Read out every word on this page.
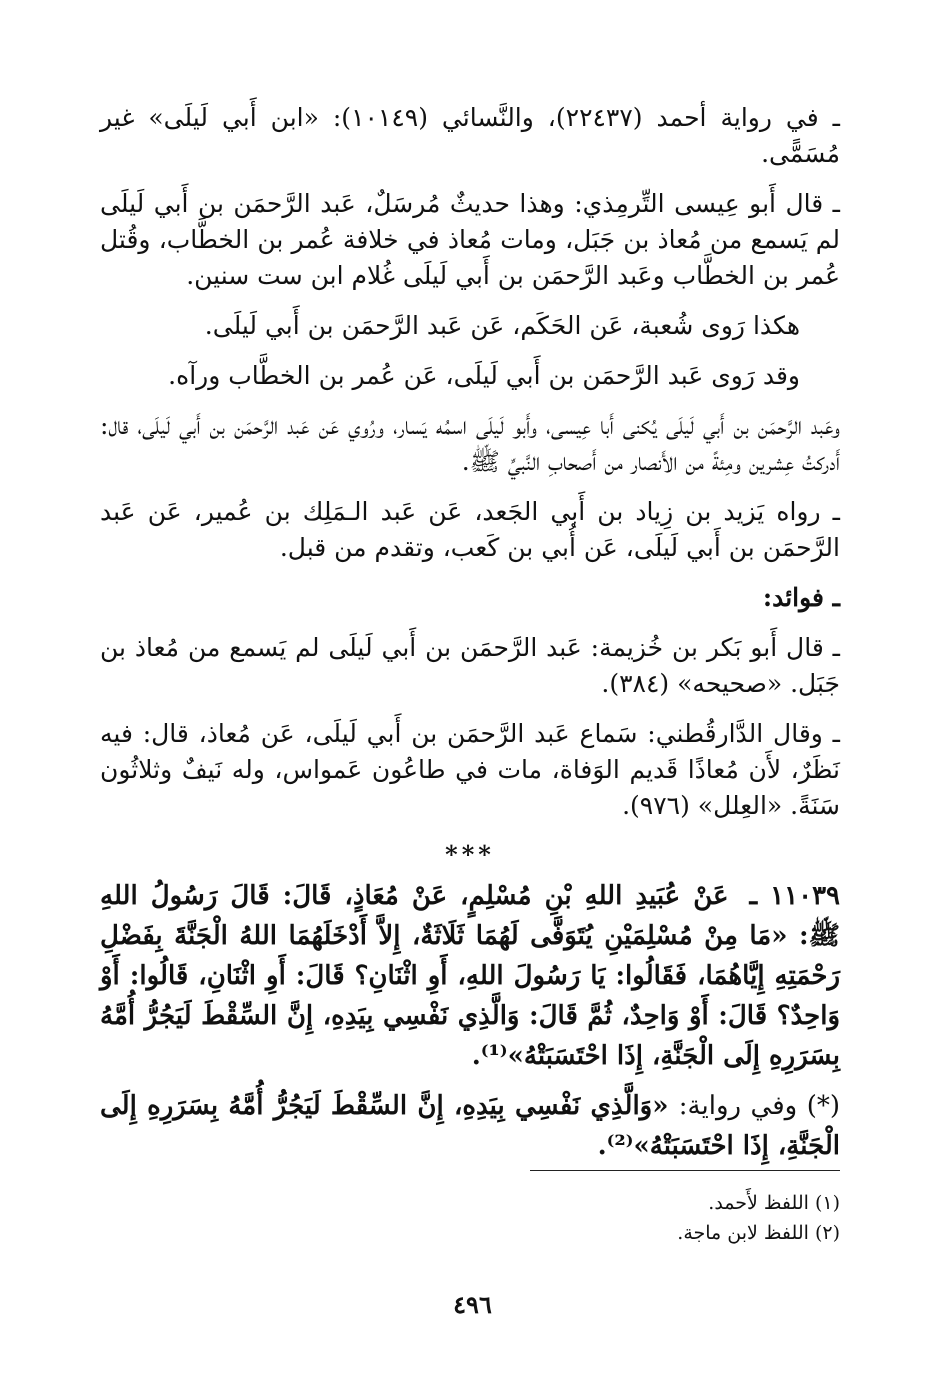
ـ في رواية أحمد (٢٢٤٣٧)، والنَّسائي (١٠١٤٩): «ابن أَبي لَيلَى» غير مُسَمًّى.

ـ قال أَبو عِيسى التِّرمِذي: وهذا حديثٌ مُرسَلٌ، عَبد الرَّحمَن بن أَبي لَيلَى لم يَسمع من مُعاذ بن جَبَل، ومات مُعاذ في خلافة عُمر بن الخطَّاب، وقُتل عُمر بن الخطَّاب وعَبد الرَّحمَن بن أَبي لَيلَى غُلام ابن ست سنين.

هكذا رَوى شُعبة، عَن الحَكَم، عَن عَبد الرَّحمَن بن أَبي لَيلَى.

وقد رَوى عَبد الرَّحمَن بن أَبي لَيلَى، عَن عُمر بن الخطَّاب ورآه.

وعَبد الرَّحمَن بن أَبي لَيلَى يُكنى أَبا عِيسى، وأَبو لَيلَى اسمُه يَسار، ورُوي عَن عَبد الرَّحمَن بن أَبي لَيلَى، قال: أَدركتُ عِشرين ومِئةً من الأَنصار من أَصحابِ النَّبيِّ ﷺ.

ـ رواه يَزيد بن زِياد بن أَبي الجَعد، عَن عَبد الـمَلِك بن عُمير، عَن عَبد الرَّحمَن بن أَبي لَيلَى، عَن أُبي بن كَعب، وتقدم من قبل.

ـ فوائد:

ـ قال أَبو بَكر بن خُزيمة: عَبد الرَّحمَن بن أَبي لَيلَى لم يَسمع من مُعاذ بن جَبَل. «صحيحه» (٣٨٤).

ـ وقال الدَّارقُطني: سَماع عَبد الرَّحمَن بن أَبي لَيلَى، عَن مُعاذ، قال: فيه نَظَرٌ، لأَن مُعاذًا قَديم الوَفاة، مات في طاعُون عَمواس، وله نَيفٌ وثلاثُون سَنَةً. «العِلل» (٩٧٦).

***

١١٠٣٩ ـ عَنْ عُبَيدِ اللهِ بْنِ مُسْلِمٍ، عَنْ مُعَاذٍ، قَالَ: قَالَ رَسُولُ اللهِ ﷺ: «مَا مِنْ مُسْلِمَيْنِ يُتَوَفَّى لَهُمَا ثَلَاثَةٌ، إِلاَّ أَدْخَلَهُمَا اللهُ الْجَنَّةَ بِفَضْلِ رَحْمَتِهِ إِيَّاهُمَا، فَقَالُوا: يَا رَسُولَ اللهِ، أَوِ اثْنَانِ؟ قَالَ: أَوِ اثْنَانِ، قَالُوا: أَوْ وَاحِدٌ؟ قَالَ: أَوْ وَاحِدٌ، ثُمَّ قَالَ: وَالَّذِي نَفْسِي بِيَدِهِ، إِنَّ السِّقْطَ لَيَجُرُّ أُمَّهُ بِسَرَرِهِ إِلَى الْجَنَّةِ، إِذَا احْتَسَبَتْهُ»⁽¹⁾.

(*) وفي رواية: «وَالَّذِي نَفْسِي بِيَدِهِ، إِنَّ السِّقْطَ لَيَجُرُّ أُمَّهُ بِسَرَرِهِ إِلَى الْجَنَّةِ، إِذَا احْتَسَبَتْهُ»⁽²⁾.

(١) اللفظ لأَحمد.
(٢) اللفظ لابن ماجة.
٤٩٦
